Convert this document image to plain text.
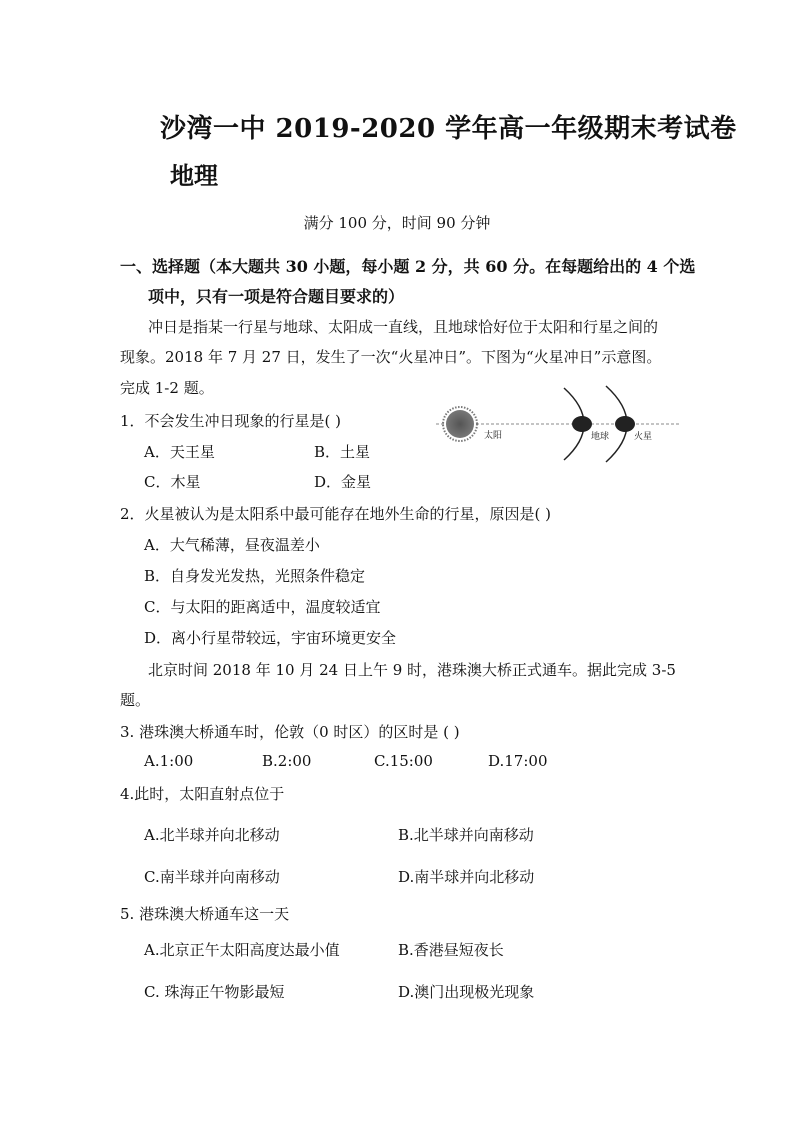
沙湾一中 2019-2020 学年高一年级期末考试卷
地理
满分 100 分，时间 90 分钟
一、选择题（本大题共 30 小题，每小题 2 分，共 60 分。在每题给出的 4 个选
项中，只有一项是符合题目要求的）
冲日是指某一行星与地球、太阳成一直线，且地球恰好位于太阳和行星之间的
现象。2018 年 7 月 27 日，发生了一次“火星冲日”。下图为“火星冲日”示意图。
完成 1-2 题。
1．不会发生冲日现象的行星是( )
A．天王星	B．土星
C．木星	D．金星
太阳	地球	火星
2．火星被认为是太阳系中最可能存在地外生命的行星，原因是( )
A．大气稀薄，昼夜温差小
B．自身发光发热，光照条件稳定
C．与太阳的距离适中，温度较适宜
D．离小行星带较远，宇宙环境更安全
北京时间 2018 年 10 月 24 日上午 9 时，港珠澳大桥正式通车。据此完成 3-5
题。
3. 港珠澳大桥通车时，伦敦（0 时区）的区时是 ( )
A.1:00	B.2:00	C.15:00	D.17:00
4.此时，太阳直射点位于
A.北半球并向北移动	B.北半球并向南移动
C.南半球并向南移动	D.南半球并向北移动
5. 港珠澳大桥通车这一天
A.北京正午太阳高度达最小值	B.香港昼短夜长
C. 珠海正午物影最短	D.澳门出现极光现象
